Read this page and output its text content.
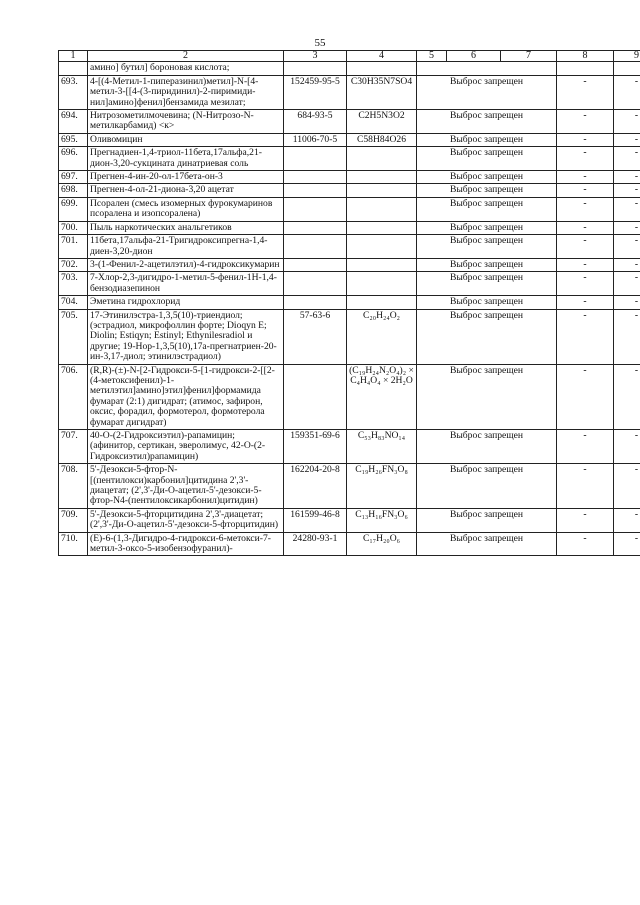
55
1	2	3	4	5	6	7	8	9
	амино] бутил] бороновая кислота;							
693.	4-[(4-Метил-1-пиперазинил)метил]-N-[4-метил-3-[[4-(3-пиридинил)-2-пиримиди-нил]амино]фенил]бензамида мезилат;	152459-95-5	C30H35N7SO4	Выброс запрещен			-	-
694.	Нитрозометилмочевина; (N-Нитрозо-N-метилкарбамид) <к>	684-93-5	C2H5N3O2	Выброс запрещен			-	-
695.	Оливомицин	11006-70-5	C58H84O26	Выброс запрещен			-	-
696.	Прегнадиен-1,4-триол-11бета,17альфа,21-дион-3,20-сукцината динатриевая соль			Выброс запрещен			-	-
697.	Прегнен-4-ин-20-ол-17бета-он-3			Выброс запрещен			-	-
698.	Прегнен-4-ол-21-диона-3,20 ацетат			Выброс запрещен			-	-
699.	Псорален (смесь изомерных фурокумаринов псоралена и изопсоралена)			Выброс запрещен			-	-
700.	Пыль наркотических анальгетиков			Выброс запрещен			-	-
701.	11бета,17альфа-21-Тригидроксипрегна-1,4-диен-3,20-дион			Выброс запрещен			-	-
702.	3-(1-Фенил-2-ацетилэтил)-4-гидроксикумарин			Выброс запрещен			-	-
703.	7-Хлор-2,3-дигидро-1-метил-5-фенил-1Н-1,4-бензодиазепинон			Выброс запрещен			-	-
704.	Эметина гидрохлорид			Выброс запрещен			-	-
705.	17-Этинилэстра-1,3,5(10)-триендиол; (эстрадиол, микрофоллин форте; Dioqyn E; Diolin; Estiqyn; Estinyl; Ethynilesradiol и другие; 19-Нор-1,3,5(10),17а-прегнатриен-20-ин-3,17-диол; этинилэстрадиол)	57-63-6	C₂₀H₂₄O₂	Выброс запрещен			-	-
706.	(R,R)-(±)-N-[2-Гидрокси-5-[1-гидрокси-2-[[2-(4-метоксифенил)-1-метилэтил]амино]этил]фенил]формамида фумарат (2:1) дигидрат; (атимос, зафирон, оксис, форадил, формотерол, формотерола фумарат дигидрат)		(C₁₉H₂₄N₂O₄)₂ × C₄H₄O₄ × 2H₂O	Выброс запрещен			-	-
707.	40-O-(2-Гидроксиэтил)-рапамицин; (афинитор, сертикан, эверолимус, 42-O-(2-Гидроксиэтил)рапамицин)	159351-69-6	C₅₃H₈₃NO₁₄	Выброс запрещен			-	-
708.	5'-Дезокси-5-фтор-N-[(пентилокси)карбонил]цитидина 2',3'-диацетат; (2',3'-Ди-O-ацетил-5'-дезокси-5-фтор-N4-(пентилоксикарбонил)цитидин)	162204-20-8	C₁₉H₂₆FN₃O₈	Выброс запрещен			-	-
709.	5'-Дезокси-5-фторцитидина 2',3'-диацетат; (2',3'-Ди-O-ацетил-5'-дезокси-5-фторцитидин)	161599-46-8	C₁₃H₁₆FN₃O₆	Выброс запрещен			-	-
710.	(E)-6-(1,3-Дигидро-4-гидрокси-6-метокси-7-метил-3-оксо-5-изобензофуранил)-	24280-93-1	C₁₇H₂₀O₆	Выброс запрещен			-	-
